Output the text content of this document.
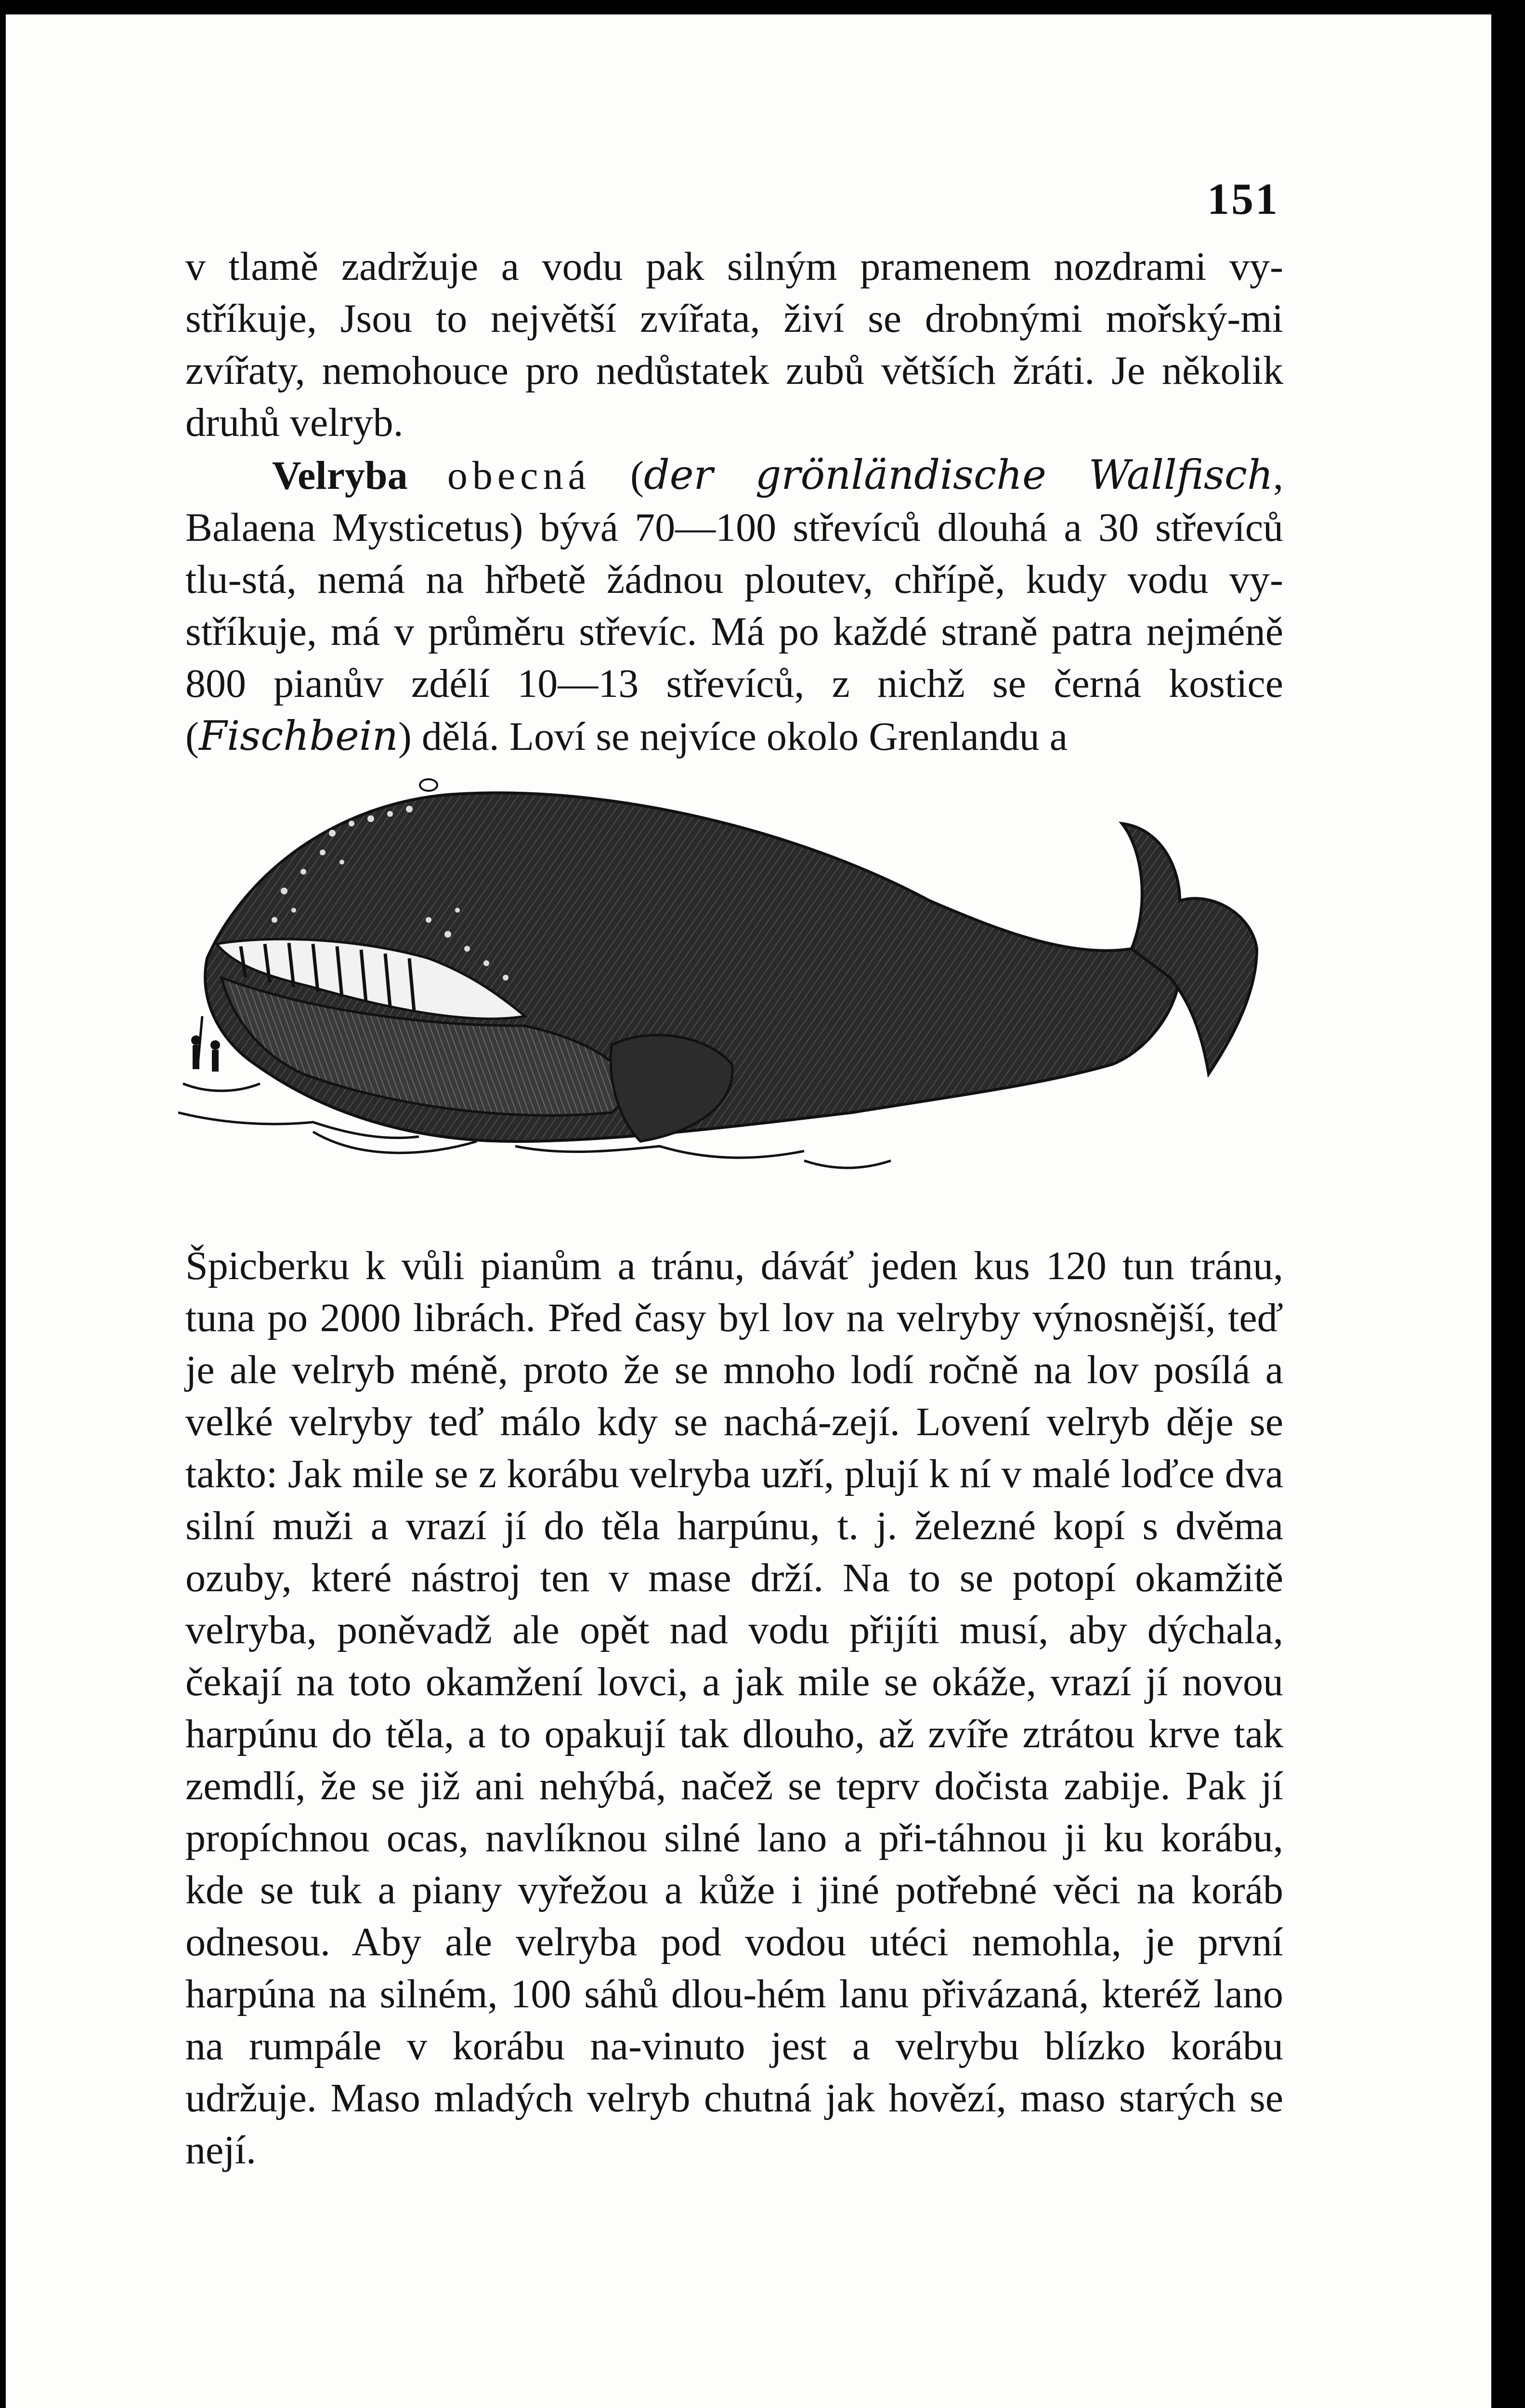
151

v tlamě zadržuje a vodu pak silným pramenem nozdrami vy-stříkuje, Jsou to největší zvířata, živí se drobnými mořský-mi zvířaty, nemohouce pro nedůstatek zubů větších žráti. Je několik druhů velryb.

Velryba obecná (der grönländische Wallfisch, Balaena Mysticetus) bývá 70—100 střevíců dlouhá a 30 střevíců tlu-stá, nemá na hřbetě žádnou ploutev, chřípě, kudy vodu vy-stříkuje, má v průměru střevíc. Má po každé straně patra nejméně 800 pianův zdélí 10—13 střevíců, z nichž se černá kostice (Fischbein) dělá. Loví se nejvíce okolo Grenlandu a

Špicberku k vůli pianům a tránu, dáváť jeden kus 120 tun tránu, tuna po 2000 librách. Před časy byl lov na velryby výnosnější, teď je ale velryb méně, proto že se mnoho lodí ročně na lov posílá a velké velryby teď málo kdy se nachá-zejí. Lovení velryb děje se takto: Jak mile se z korábu velryba uzří, plují k ní v malé loďce dva silní muži a vrazí jí do těla harpúnu, t. j. železné kopí s dvěma ozuby, které nástroj ten v mase drží. Na to se potopí okamžitě velryba, poněvadž ale opět nad vodu přijíti musí, aby dýchala, čekají na toto okamžení lovci, a jak mile se okáže, vrazí jí novou harpúnu do těla, a to opakují tak dlouho, až zvíře ztrátou krve tak zemdlí, že se již ani nehýbá, načež se teprv dočista zabije. Pak jí propíchnou ocas, navlíknou silné lano a při-táhnou ji ku korábu, kde se tuk a piany vyřežou a kůže i jiné potřebné věci na koráb odnesou. Aby ale velryba pod vodou utéci nemohla, je první harpúna na silném, 100 sáhů dlou-hém lanu přivázaná, kteréž lano na rumpále v korábu na-vinuto jest a velrybu blízko korábu udržuje. Maso mladých velryb chutná jak hovězí, maso starých se nejí.
